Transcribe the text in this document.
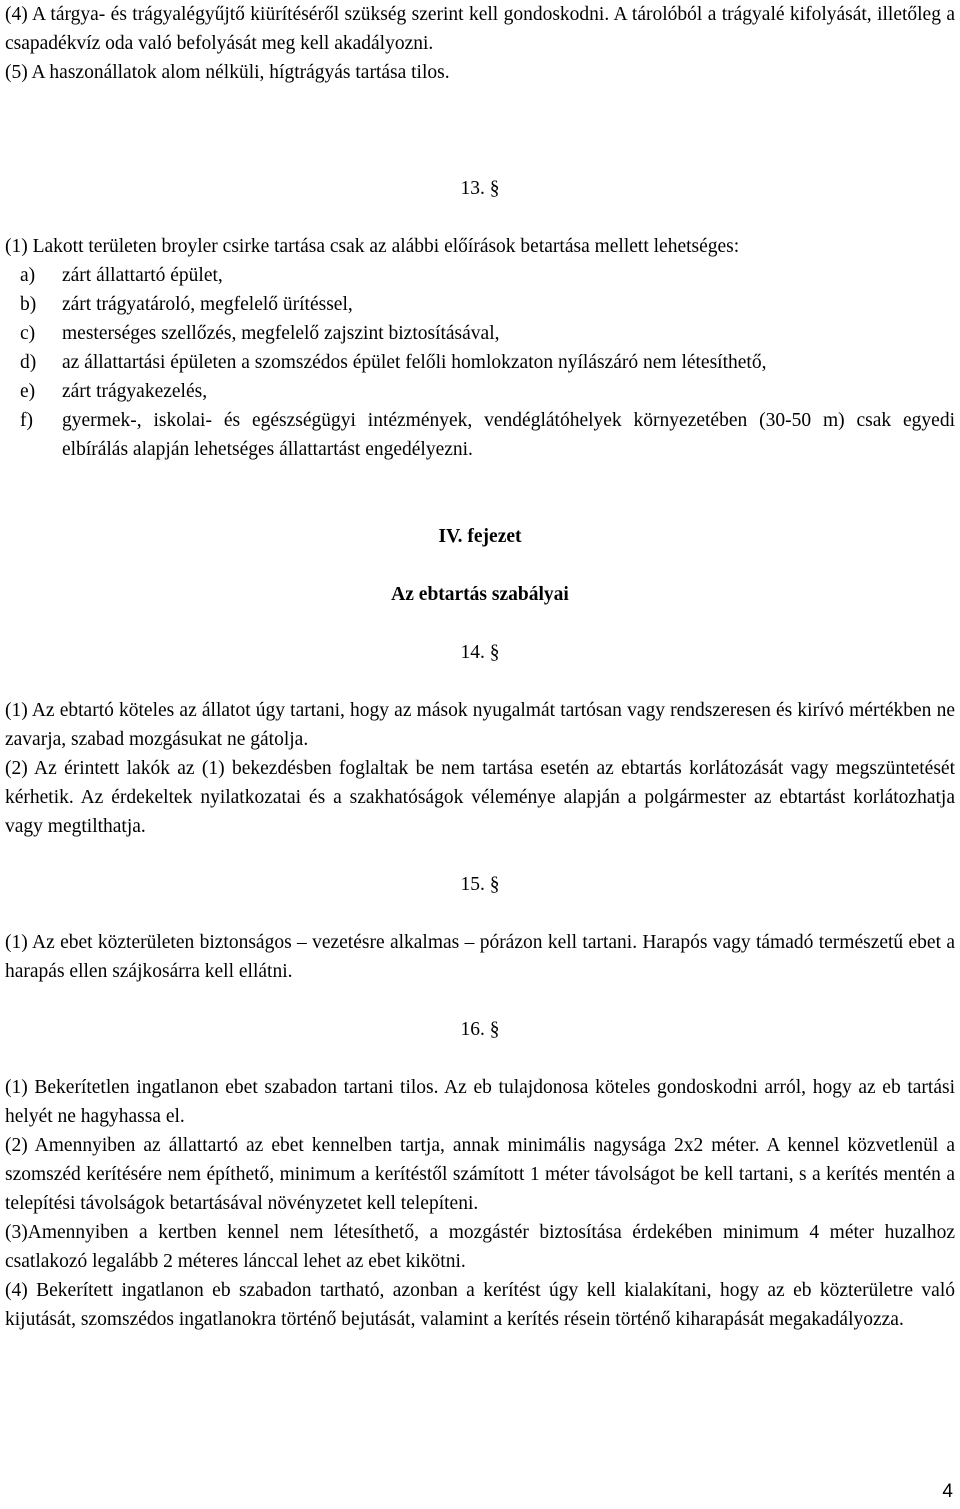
(4) A tárgya- és trágyalégyűjtő kiürítéséről szükség szerint kell gondoskodni. A tárolóból a trágyalé kifolyását, illetőleg a csapadékvíz oda való befolyását meg kell akadályozni.

(5) A haszonállatok alom nélküli, hígtrágyás tartása tilos.

13. §

(1) Lakott területen broyler csirke tartása csak az alábbi előírások betartása mellett lehetséges:

a)	zárt állattartó épület,
b)	zárt trágyatároló, megfelelő ürítéssel,
c)	mesterséges szellőzés, megfelelő zajszint biztosításával,
d)	az állattartási épületen a szomszédos épület felőli homlokzaton nyílászáró nem létesíthető,
e)	zárt trágyakezelés,
f)	gyermek-, iskolai- és egészségügyi intézmények, vendéglátóhelyek környezetében (30-50 m) csak egyedi elbírálás alapján lehetséges állattartást engedélyezni.

IV. fejezet

Az ebtartás szabályai

14. §

(1) Az ebtartó köteles az állatot úgy tartani, hogy az mások nyugalmát tartósan vagy rendszeresen és kirívó mértékben ne zavarja, szabad mozgásukat ne gátolja.

(2) Az érintett lakók az (1) bekezdésben foglaltak be nem tartása esetén az ebtartás korlátozását vagy megszüntetését kérhetik. Az érdekeltek nyilatkozatai és a szakhatóságok véleménye alapján a polgármester az ebtartást korlátozhatja vagy megtilthatja.

15. §

(1) Az ebet közterületen biztonságos – vezetésre alkalmas – pórázon kell tartani. Harapós vagy támadó természetű ebet a harapás ellen szájkosárra kell ellátni.

16. §

(1) Bekerítetlen ingatlanon ebet szabadon tartani tilos. Az eb tulajdonosa köteles gondoskodni arról, hogy az eb tartási helyét ne hagyhassa el.

(2) Amennyiben az állattartó az ebet kennelben tartja, annak minimális nagysága 2x2 méter. A kennel közvetlenül a szomszéd kerítésére nem építhető, minimum a kerítéstől számított 1 méter távolságot be kell tartani, s a kerítés mentén a telepítési távolságok betartásával növényzetet kell telepíteni.

(3)Amennyiben a kertben kennel nem létesíthető, a mozgástér biztosítása érdekében minimum 4 méter huzalhoz csatlakozó legalább 2 méteres lánccal lehet az ebet kikötni.

(4) Bekerített ingatlanon eb szabadon tartható, azonban a kerítést úgy kell kialakítani, hogy az eb közterületre való kijutását, szomszédos ingatlanokra történő bejutását, valamint a kerítés résein történő kiharapását megakadályozza.

4
